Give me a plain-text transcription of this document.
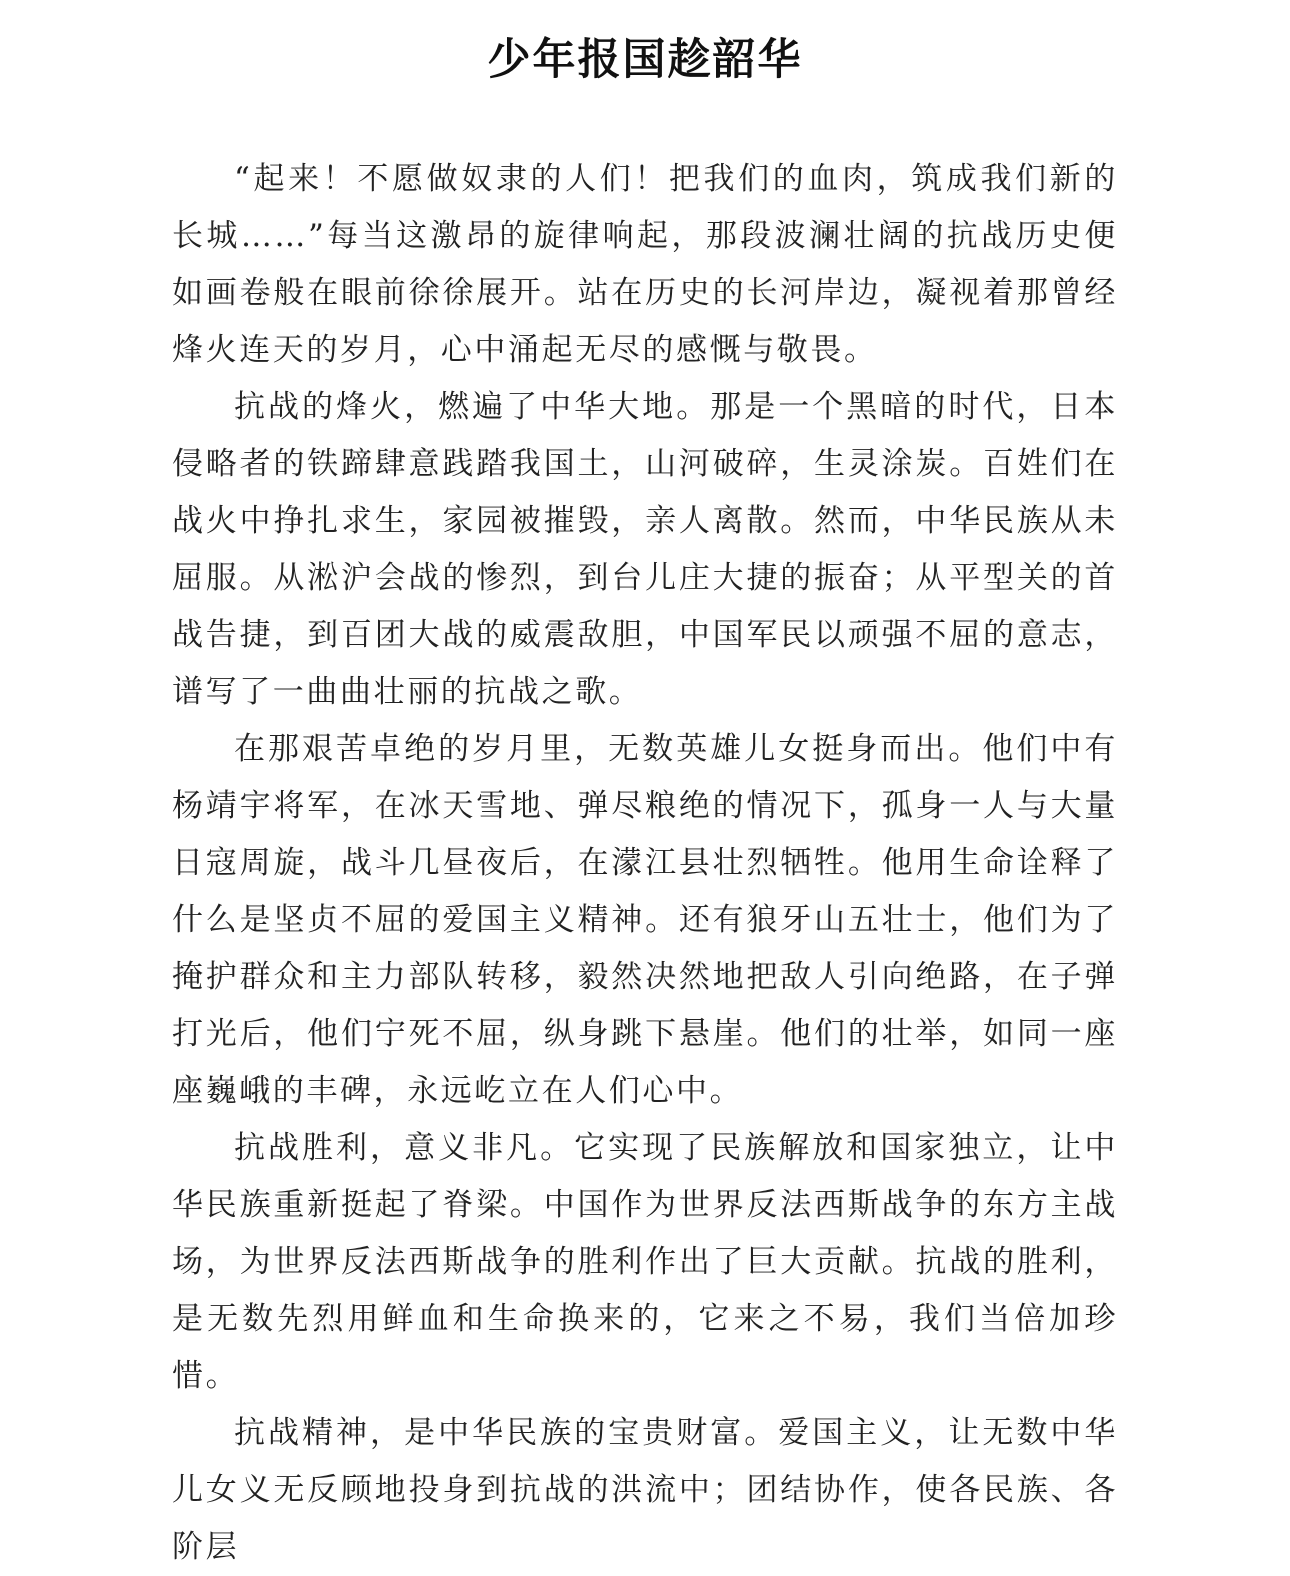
少年报国趁韶华

“起来！不愿做奴隶的人们！把我们的血肉，筑成我们新的长城……”每当这激昂的旋律响起，那段波澜壮阔的抗战历史便如画卷般在眼前徐徐展开。站在历史的长河岸边，凝视着那曾经烽火连天的岁月，心中涌起无尽的感慨与敬畏。

抗战的烽火，燃遍了中华大地。那是一个黑暗的时代，日本侵略者的铁蹄肆意践踏我国土，山河破碎，生灵涂炭。百姓们在战火中挣扎求生，家园被摧毁，亲人离散。然而，中华民族从未屈服。从淞沪会战的惨烈，到台儿庄大捷的振奋；从平型关的首战告捷，到百团大战的威震敌胆，中国军民以顽强不屈的意志，谱写了一曲曲壮丽的抗战之歌。

在那艰苦卓绝的岁月里，无数英雄儿女挺身而出。他们中有杨靖宇将军，在冰天雪地、弹尽粮绝的情况下，孤身一人与大量日寇周旋，战斗几昼夜后，在濛江县壮烈牺牲。他用生命诠释了什么是坚贞不屈的爱国主义精神。还有狼牙山五壮士，他们为了掩护群众和主力部队转移，毅然决然地把敌人引向绝路，在子弹打光后，他们宁死不屈，纵身跳下悬崖。他们的壮举，如同一座座巍峨的丰碑，永远屹立在人们心中。

抗战胜利，意义非凡。它实现了民族解放和国家独立，让中华民族重新挺起了脊梁。中国作为世界反法西斯战争的东方主战场，为世界反法西斯战争的胜利作出了巨大贡献。抗战的胜利，是无数先烈用鲜血和生命换来的，它来之不易，我们当倍加珍惜。

抗战精神，是中华民族的宝贵财富。爱国主义，让无数中华儿女义无反顾地投身到抗战的洪流中；团结协作，使各民族、各阶层
